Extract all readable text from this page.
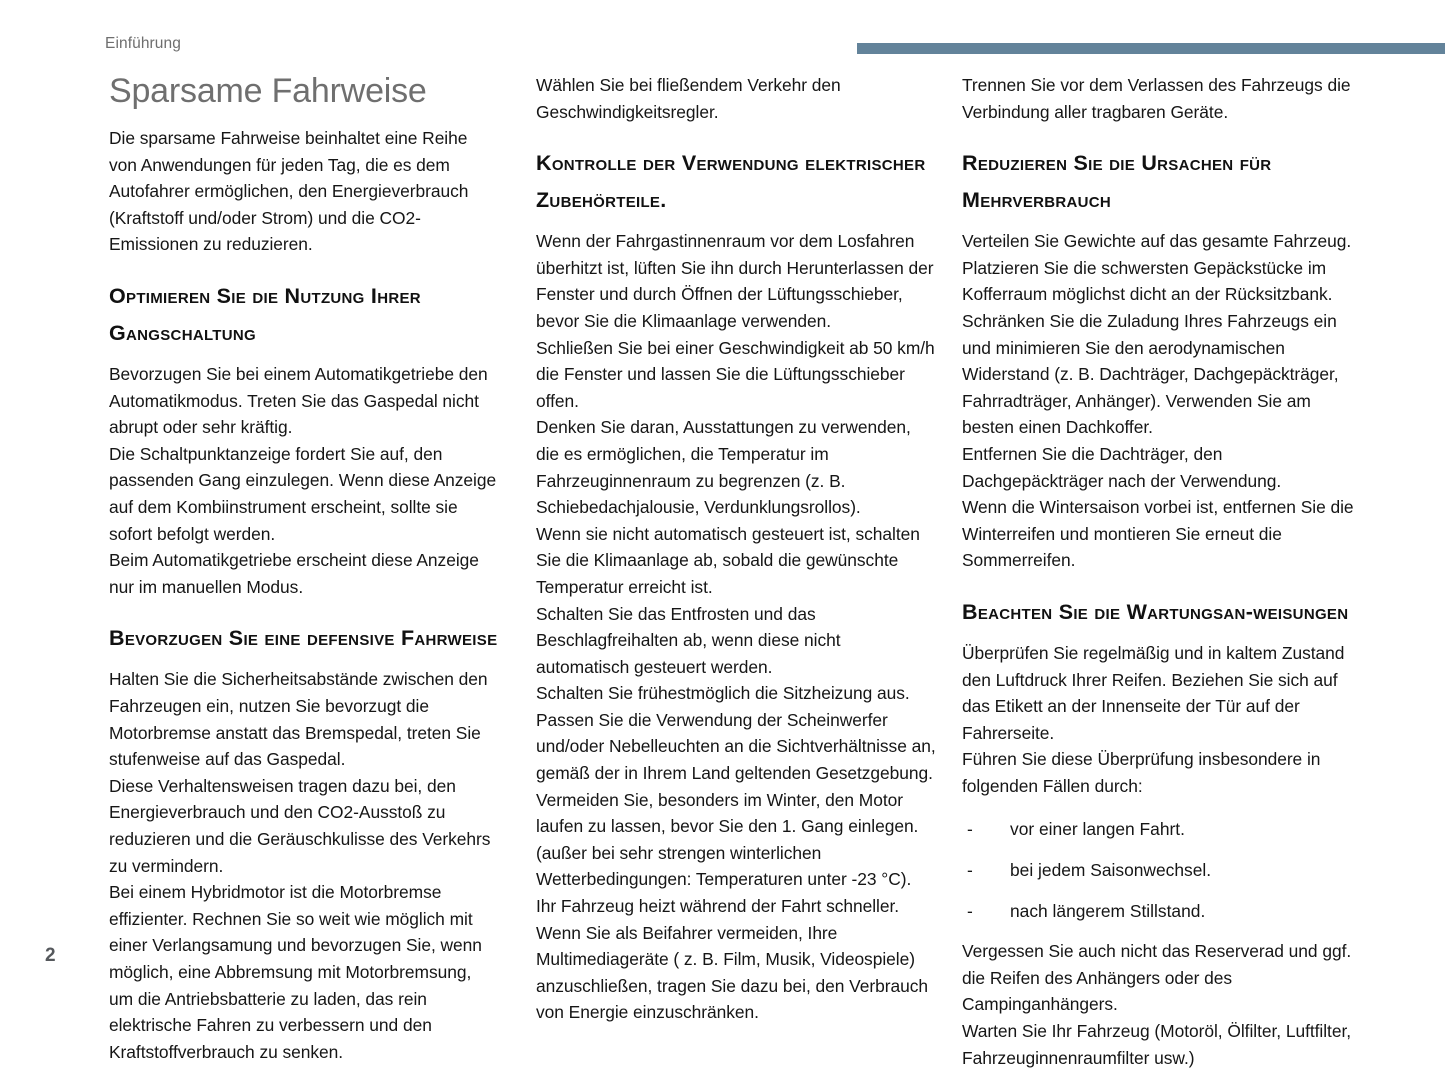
Einführung
Sparsame Fahrweise

Die sparsame Fahrweise beinhaltet eine Reihe von Anwendungen für jeden Tag, die es dem Autofahrer ermöglichen, den Energieverbrauch (Kraftstoff und/oder Strom) und die CO2-Emissionen zu reduzieren.

Optimieren Sie die Nutzung Ihrer Gangschaltung

Bevorzugen Sie bei einem Automatikgetriebe den Automatikmodus. Treten Sie das Gaspedal nicht abrupt oder sehr kräftig.

Die Schaltpunktanzeige fordert Sie auf, den passenden Gang einzulegen. Wenn diese Anzeige auf dem Kombiinstrument erscheint, sollte sie sofort befolgt werden.

Beim Automatikgetriebe erscheint diese Anzeige nur im manuellen Modus.

Bevorzugen Sie eine defensive Fahrweise

Halten Sie die Sicherheitsabstände zwischen den Fahrzeugen ein, nutzen Sie bevorzugt die Motorbremse anstatt das Bremspedal, treten Sie stufenweise auf das Gaspedal.

Diese Verhaltensweisen tragen dazu bei, den Energieverbrauch und den CO2-Ausstoß zu reduzieren und die Geräuschkulisse des Verkehrs zu vermindern.

Bei einem Hybridmotor ist die Motorbremse effizienter. Rechnen Sie so weit wie möglich mit einer Verlangsamung und bevorzugen Sie, wenn möglich, eine Abbremsung mit Motorbremsung, um die Antriebsbatterie zu laden, das rein elektrische Fahren zu verbessern und den Kraftstoffverbrauch zu senken.

Wählen Sie bei fließendem Verkehr den Geschwindigkeitsregler.

Kontrolle der Verwendung elektrischer Zubehörteile.

Wenn der Fahrgastinnenraum vor dem Losfahren überhitzt ist, lüften Sie ihn durch Herunterlassen der Fenster und durch Öffnen der Lüftungsschieber, bevor Sie die Klimaanlage verwenden.

Schließen Sie bei einer Geschwindigkeit ab 50 km/h die Fenster und lassen Sie die Lüftungsschieber offen.

Denken Sie daran, Ausstattungen zu verwenden, die es ermöglichen, die Temperatur im Fahrzeuginnenraum zu begrenzen (z. B. Schiebedachjalousie, Verdunklungsrollos).

Wenn sie nicht automatisch gesteuert ist, schalten Sie die Klimaanlage ab, sobald die gewünschte Temperatur erreicht ist.

Schalten Sie das Entfrosten und das Beschlagfreihalten ab, wenn diese nicht automatisch gesteuert werden.

Schalten Sie frühestmöglich die Sitzheizung aus.

Passen Sie die Verwendung der Scheinwerfer und/oder Nebelleuchten an die Sichtverhältnisse an, gemäß der in Ihrem Land geltenden Gesetzgebung.

Vermeiden Sie, besonders im Winter, den Motor laufen zu lassen, bevor Sie den 1. Gang einlegen.(außer bei sehr strengen winterlichen Wetterbedingungen: Temperaturen unter -23 °C). Ihr Fahrzeug heizt während der Fahrt schneller.

Wenn Sie als Beifahrer vermeiden, Ihre Multimediageräte ( z. B. Film, Musik, Videospiele) anzuschließen, tragen Sie dazu bei, den Verbrauch von Energie einzuschränken.

Trennen Sie vor dem Verlassen des Fahrzeugs die Verbindung aller tragbaren Geräte.

Reduzieren Sie die Ursachen für Mehrverbrauch

Verteilen Sie Gewichte auf das gesamte Fahrzeug. Platzieren Sie die schwersten Gepäckstücke im Kofferraum möglichst dicht an der Rücksitzbank.

Schränken Sie die Zuladung Ihres Fahrzeugs ein und minimieren Sie den aerodynamischen Widerstand (z. B. Dachträger, Dachgepäckträger, Fahrradträger, Anhänger). Verwenden Sie am besten einen Dachkoffer.

Entfernen Sie die Dachträger, den Dachgepäckträger nach der Verwendung.

Wenn die Wintersaison vorbei ist, entfernen Sie die Winterreifen und montieren Sie erneut die Sommerreifen.

Beachten Sie die Wartungsan-weisungen

Überprüfen Sie regelmäßig und in kaltem Zustand den Luftdruck Ihrer Reifen. Beziehen Sie sich auf das Etikett an der Innenseite der Tür auf der Fahrerseite.

Führen Sie diese Überprüfung insbesondere in folgenden Fällen durch:

- vor einer langen Fahrt.
- bei jedem Saisonwechsel.
- nach längerem Stillstand.

Vergessen Sie auch nicht das Reserverad und ggf. die Reifen des Anhängers oder des Campinganhängers.

Warten Sie Ihr Fahrzeug (Motoröl, Ölfilter, Luftfilter, Fahrzeuginnenraumfilter usw.)

2
